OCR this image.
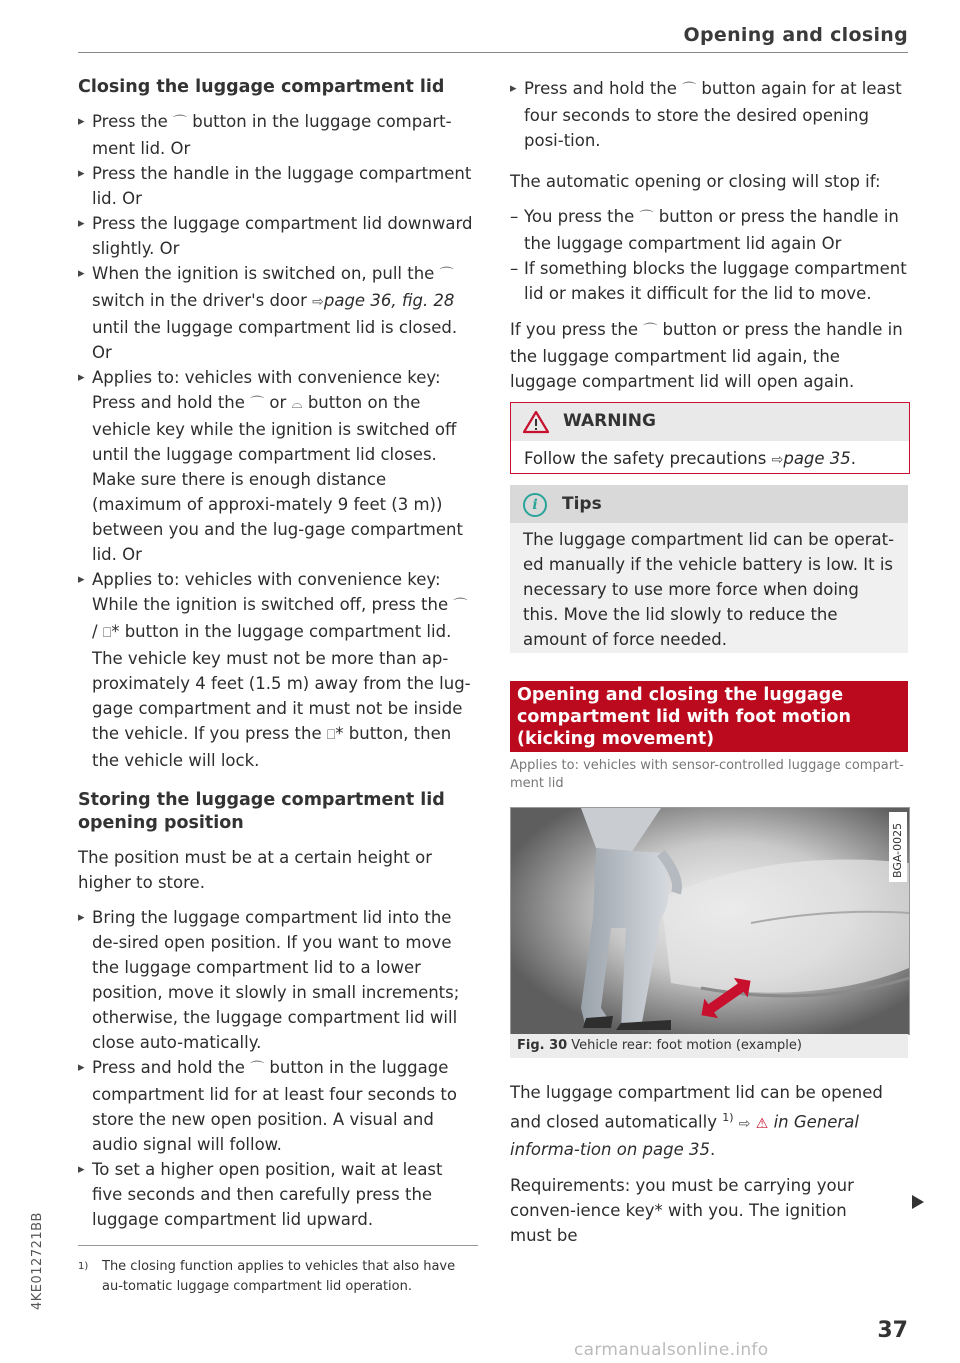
Opening and closing
4KE012721BB
Closing the luggage compartment lid
▸ Press the ⌒ button in the luggage compart-ment lid. Or
▸ Press the handle in the luggage compartment lid. Or
▸ Press the luggage compartment lid downward slightly. Or
▸ When the ignition is switched on, pull the ⌒ switch in the driver's door ⇨page 36, fig. 28 until the luggage compartment lid is closed. Or
▸ Applies to: vehicles with convenience key: Press and hold the ⌒ or ⌓ button on the vehicle key while the ignition is switched off until the luggage compartment lid closes. Make sure there is enough distance (maximum of approxi-mately 9 feet (3 m)) between you and the lug-gage compartment lid. Or
▸ Applies to: vehicles with convenience key: While the ignition is switched off, press the ⌒ / ⎕* button in the luggage compartment lid. The vehicle key must not be more than ap-proximately 4 feet (1.5 m) away from the lug-gage compartment and it must not be inside the vehicle. If you press the ⎕* button, then the vehicle will lock.
Storing the luggage compartment lid opening position
The position must be at a certain height or higher to store.
▸ Bring the luggage compartment lid into the de-sired open position. If you want to move the luggage compartment lid to a lower position, move it slowly in small increments; otherwise, the luggage compartment lid will close auto-matically.
▸ Press and hold the ⌒ button in the luggage compartment lid for at least four seconds to store the new open position. A visual and audio signal will follow.
▸ To set a higher open position, wait at least five seconds and then carefully press the luggage compartment lid upward.
▸ Press and hold the ⌒ button again for at least four seconds to store the desired opening posi-tion.
The automatic opening or closing will stop if:
– You press the ⌒ button or press the handle in the luggage compartment lid again Or
– If something blocks the luggage compartment lid or makes it difficult for the lid to move.
If you press the ⌒ button or press the handle in the luggage compartment lid again, the luggage compartment lid will open again.
WARNING
Follow the safety precautions ⇨page 35.
i	Tips
The luggage compartment lid can be operat-ed manually if the vehicle battery is low. It is necessary to use more force when doing this. Move the lid slowly to reduce the amount of force needed.
Opening and closing the luggage compartment lid with foot motion (kicking movement)
Applies to: vehicles with sensor-controlled luggage compart-ment lid
BGA-0025
Fig. 30 Vehicle rear: foot motion (example)
The luggage compartment lid can be opened and closed automatically $^{1)}$ ⇨ ⚠ in General informa-tion on page 35.
Requirements: you must be carrying your conven-ience key* with you. The ignition must be
1)	The closing function applies to vehicles that also have au-tomatic luggage compartment lid operation.
37
carmanualsonline.info
